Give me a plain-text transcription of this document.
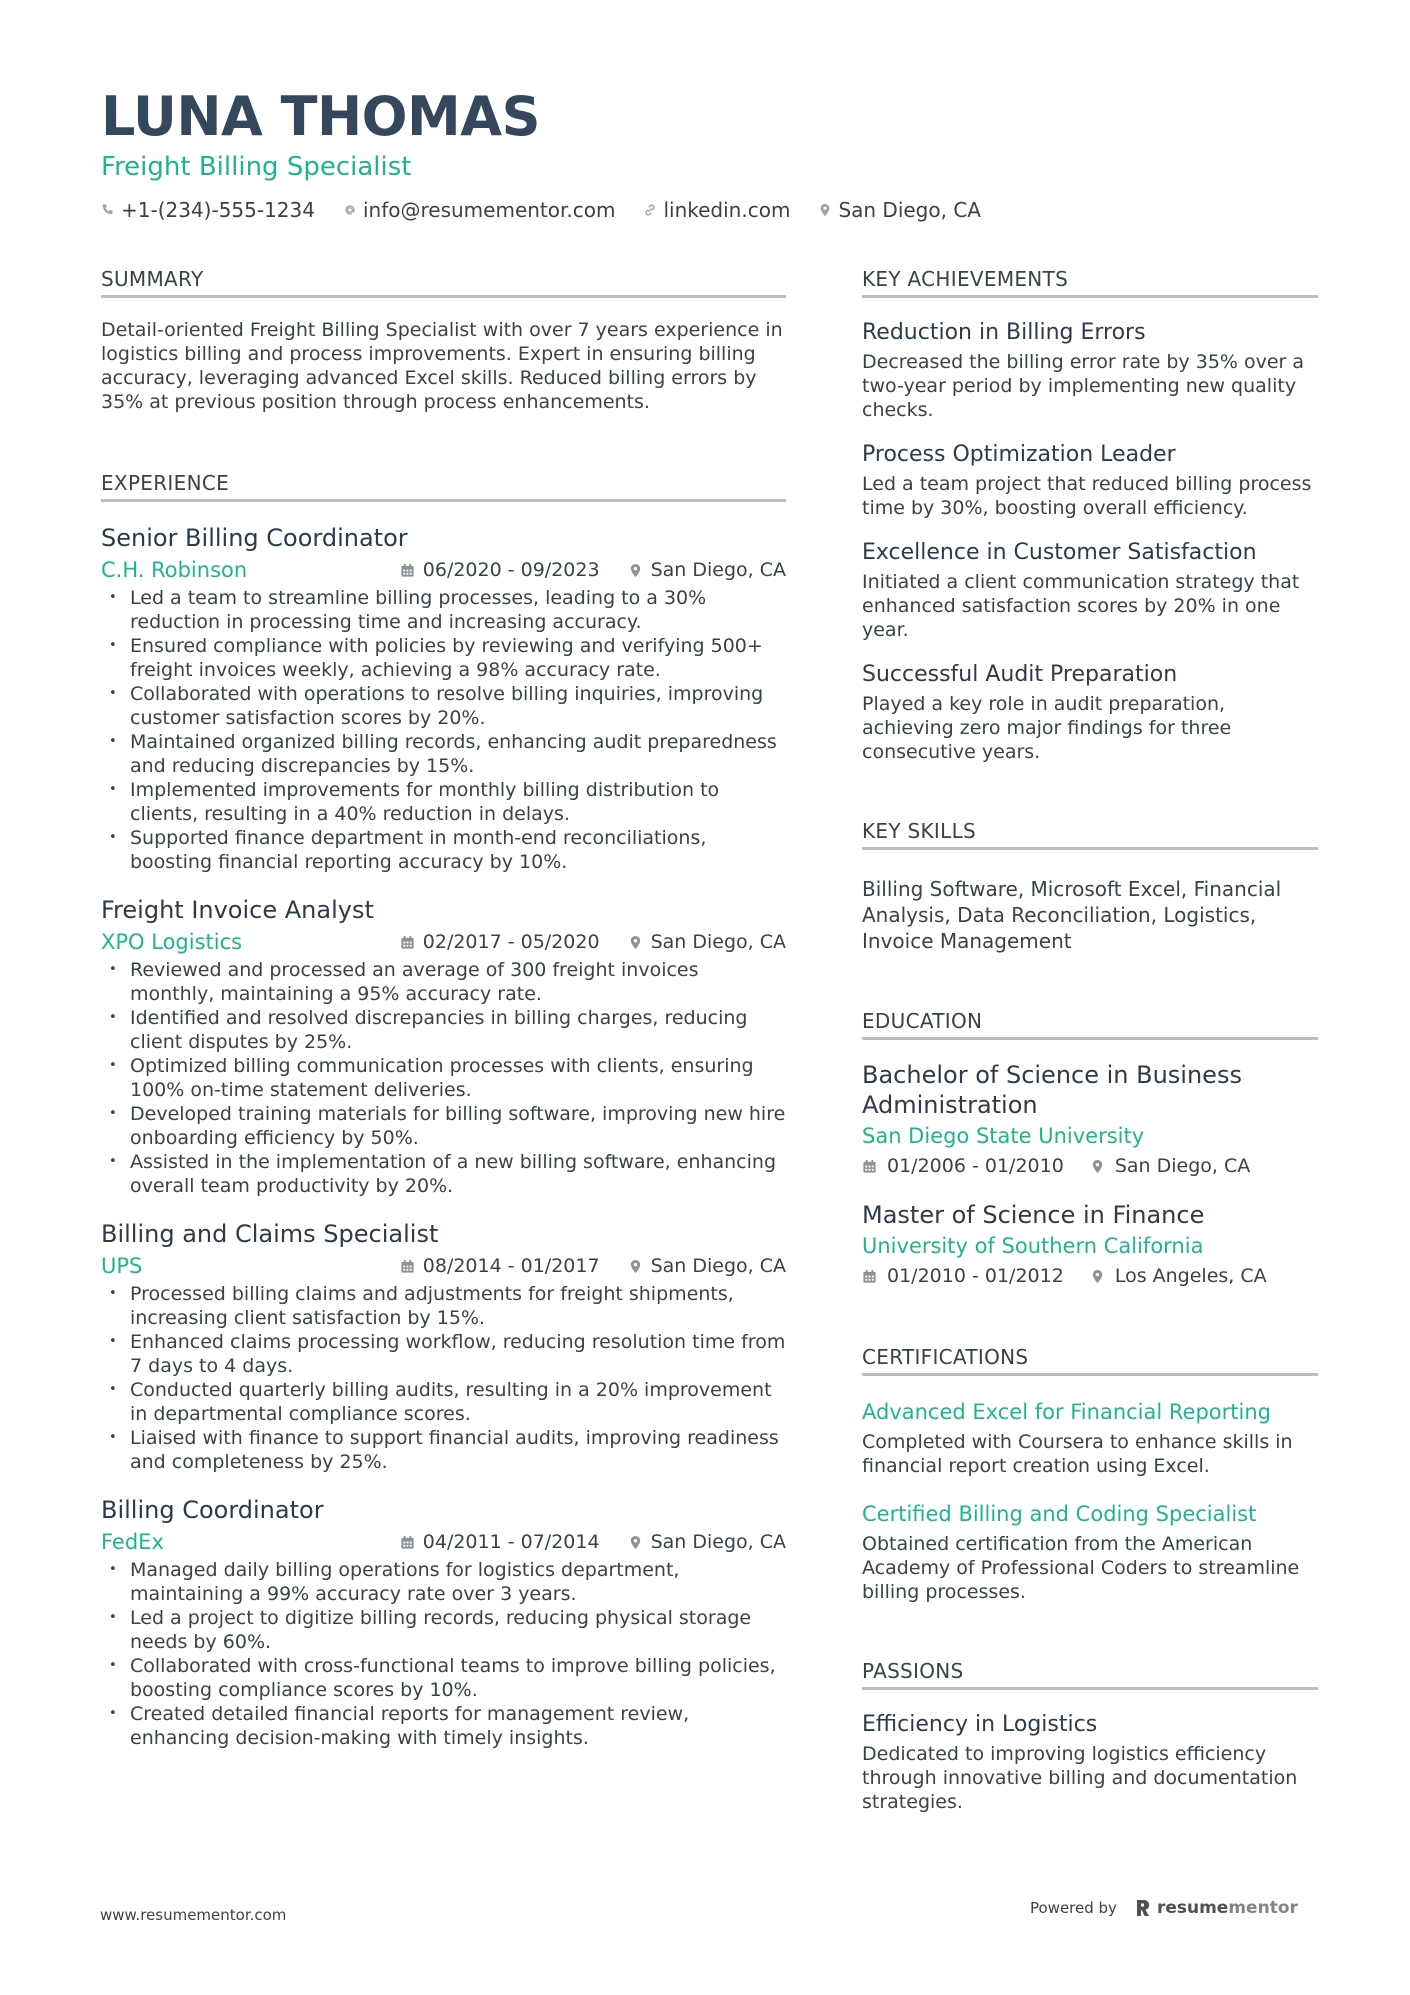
LUNA THOMAS
Freight Billing Specialist
+1-(234)-555-1234 info@resumementor.com linkedin.com San Diego, CA
SUMMARY
Detail-oriented Freight Billing Specialist with over 7 years experience in logistics billing and process improvements. Expert in ensuring billing accuracy, leveraging advanced Excel skills. Reduced billing errors by 35% at previous position through process enhancements.
EXPERIENCE
Senior Billing Coordinator
C.H. Robinson	06/2020 - 09/2023	San Diego, CA
• Led a team to streamline billing processes, leading to a 30% reduction in processing time and increasing accuracy.
• Ensured compliance with policies by reviewing and verifying 500+ freight invoices weekly, achieving a 98% accuracy rate.
• Collaborated with operations to resolve billing inquiries, improving customer satisfaction scores by 20%.
• Maintained organized billing records, enhancing audit preparedness and reducing discrepancies by 15%.
• Implemented improvements for monthly billing distribution to clients, resulting in a 40% reduction in delays.
• Supported finance department in month-end reconciliations, boosting financial reporting accuracy by 10%.
Freight Invoice Analyst
XPO Logistics	02/2017 - 05/2020	San Diego, CA
• Reviewed and processed an average of 300 freight invoices monthly, maintaining a 95% accuracy rate.
• Identified and resolved discrepancies in billing charges, reducing client disputes by 25%.
• Optimized billing communication processes with clients, ensuring 100% on-time statement deliveries.
• Developed training materials for billing software, improving new hire onboarding efficiency by 50%.
• Assisted in the implementation of a new billing software, enhancing overall team productivity by 20%.
Billing and Claims Specialist
UPS	08/2014 - 01/2017	San Diego, CA
• Processed billing claims and adjustments for freight shipments, increasing client satisfaction by 15%.
• Enhanced claims processing workflow, reducing resolution time from 7 days to 4 days.
• Conducted quarterly billing audits, resulting in a 20% improvement in departmental compliance scores.
• Liaised with finance to support financial audits, improving readiness and completeness by 25%.
Billing Coordinator
FedEx	04/2011 - 07/2014	San Diego, CA
• Managed daily billing operations for logistics department, maintaining a 99% accuracy rate over 3 years.
• Led a project to digitize billing records, reducing physical storage needs by 60%.
• Collaborated with cross-functional teams to improve billing policies, boosting compliance scores by 10%.
• Created detailed financial reports for management review, enhancing decision-making with timely insights.
KEY ACHIEVEMENTS
Reduction in Billing Errors
Decreased the billing error rate by 35% over a two-year period by implementing new quality checks.
Process Optimization Leader
Led a team project that reduced billing process time by 30%, boosting overall efficiency.
Excellence in Customer Satisfaction
Initiated a client communication strategy that enhanced satisfaction scores by 20% in one year.
Successful Audit Preparation
Played a key role in audit preparation, achieving zero major findings for three consecutive years.
KEY SKILLS
Billing Software, Microsoft Excel, Financial Analysis, Data Reconciliation, Logistics, Invoice Management
EDUCATION
Bachelor of Science in Business Administration
San Diego State University
01/2006 - 01/2010	San Diego, CA
Master of Science in Finance
University of Southern California
01/2010 - 01/2012	Los Angeles, CA
CERTIFICATIONS
Advanced Excel for Financial Reporting
Completed with Coursera to enhance skills in financial report creation using Excel.
Certified Billing and Coding Specialist
Obtained certification from the American Academy of Professional Coders to streamline billing processes.
PASSIONS
Efficiency in Logistics
Dedicated to improving logistics efficiency through innovative billing and documentation strategies.
www.resumementor.com	Powered by resumementor
